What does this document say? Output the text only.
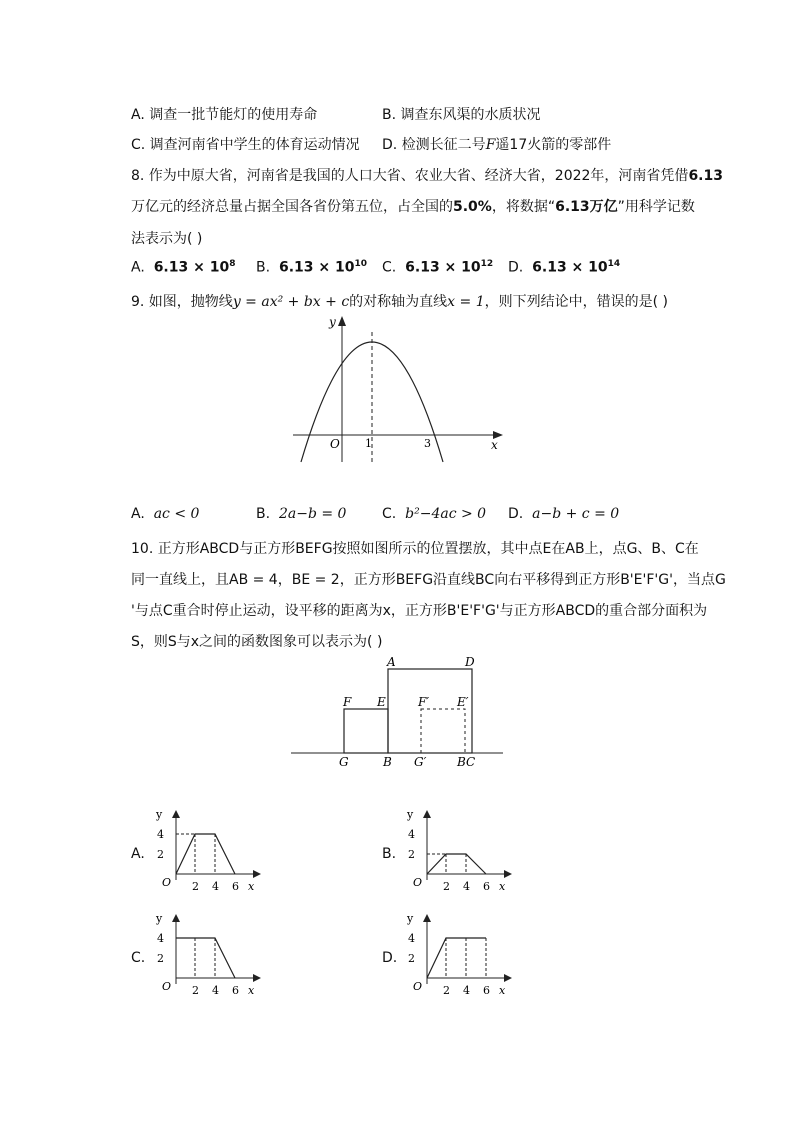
A. 调查一批节能灯的使用寿命	B. 调查东风渠的水质状况
C. 调查河南省中学生的体育运动情况 D. 检测长征二号F遥17火箭的零部件
8. 作为中原大省，河南省是我国的人口大省、农业大省、经济大省，2022年，河南省凭借6.13
万亿元的经济总量占据全国各省份第五位，占全国的5.0%，将数据“6.13万亿”用科学记数
法表示为( )
A. $6.13 \times 10^8$ B. $6.13 \times 10^{10}$ C. $6.13 \times 10^{12}$ D. $6.13 \times 10^{14}$
9. 如图，抛物线y = ax² + bx + c的对称轴为直线x = 1，则下列结论中，错误的是( )
y
x
O 1	3
A. ac < 0	B. 2a−b = 0	C. b²−4ac > 0 D. a−b + c = 0
10. 正方形ABCD与正方形BEFG按照如图所示的位置摆放，其中点E在AB上，点G、B、C在
同一直线上，且AB = 4，BE = 2，正方形BEFG沿直线BC向右平移得到正方形B'E'F'G'，当点G
'与点C重合时停止运动，设平移的距离为x，正方形B'E'F'G'与正方形ABCD的重合部分面积为
S，则S与x之间的函数图象可以表示为( )
A	D
F E	F′ E′
G	B G′	BC
A.
y
x
O
4
2
2 4 6
B.
y
x
O
4
2
2 4 6
C.
y
x
O
4
2
2 4 6
D.
y
x
O
4
2
2 4 6
